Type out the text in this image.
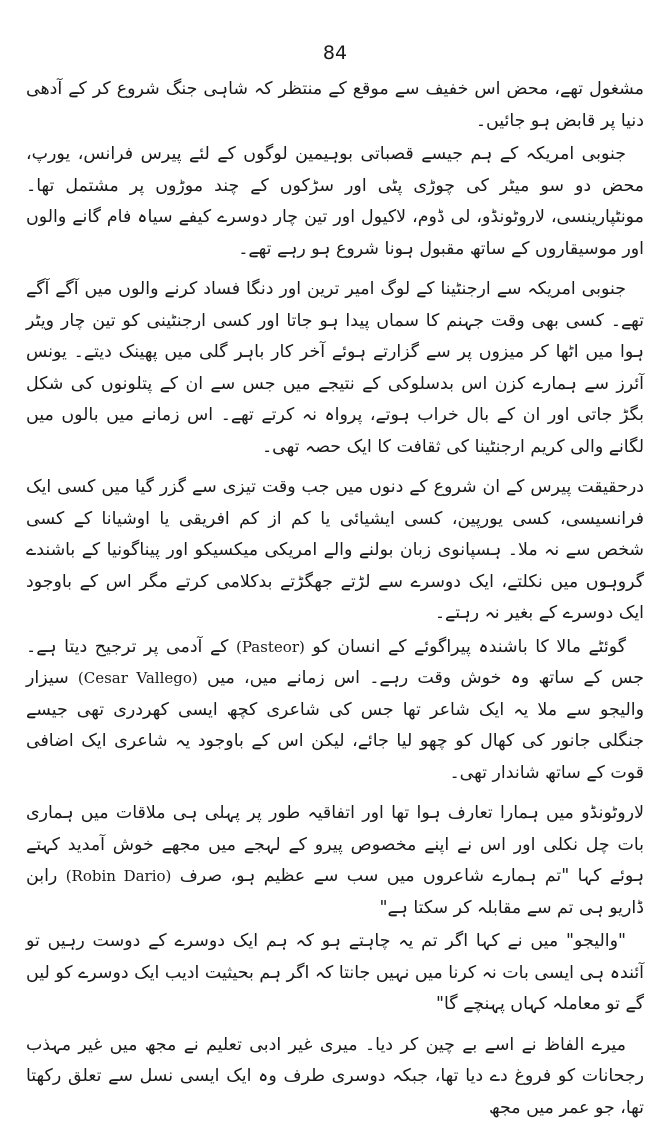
84

مشغول تھے، محض اس خفیف سے موقع کے منتظر کہ شاہی جنگ شروع کر کے آدھی دنیا پر قابض ہو جائیں۔

جنوبی امریکہ کے ہم جیسے قصباتی بوہیمین لوگوں کے لئے پیرس فرانس، یورپ، محض دو سو میٹر کی چوڑی پٹی اور سڑکوں کے چند موڑوں پر مشتمل تھا۔ مونٹپارینسی، لاروٹونڈو، لی ڈوم، لاکیول اور تین چار دوسرے کیفے سیاہ فام گانے والوں اور موسیقاروں کے ساتھ مقبول ہونا شروع ہو رہے تھے۔

جنوبی امریکہ سے ارجنٹینا کے لوگ امیر ترین اور دنگا فساد کرنے والوں میں آگے آگے تھے۔ کسی بھی وقت جہنم کا سماں پیدا ہو جاتا اور کسی ارجنٹینی کو تین چار ویٹر ہوا میں اٹھا کر میزوں پر سے گزارتے ہوئے آخر کار باہر گلی میں پھینک دیتے۔ یونس آئرز سے ہمارے کزن اس بدسلوکی کے نتیجے میں جس سے ان کے پتلونوں کی شکل بگڑ جاتی اور ان کے بال خراب ہوتے، پرواہ نہ کرتے تھے۔ اس زمانے میں بالوں میں لگانے والی کریم ارجنٹینا کی ثقافت کا ایک حصہ تھی۔

درحقیقت پیرس کے ان شروع کے دنوں میں جب وقت تیزی سے گزر گیا میں کسی ایک فرانسیسی، کسی یورپین، کسی ایشیائی یا کم از کم افریقی یا اوشیانا کے کسی شخص سے نہ ملا۔ ہسپانوی زبان بولنے والے امریکی میکسیکو اور پیناگونیا کے باشندے گروہوں میں نکلتے، ایک دوسرے سے لڑتے جھگڑتے بدکلامی کرتے مگر اس کے باوجود ایک دوسرے کے بغیر نہ رہتے۔

گوئٹے مالا کا باشندہ پیراگوئے کے انسان کو (Pasteor) کے آدمی پر ترجیح دیتا ہے۔ جس کے ساتھ وہ خوش وقت رہے۔ اس زمانے میں، میں (Cesar Vallego) سیزار والیجو سے ملا یہ ایک شاعر تھا جس کی شاعری کچھ ایسی کھردری تھی جیسے جنگلی جانور کی کھال کو چھو لیا جائے، لیکن اس کے باوجود یہ شاعری ایک اضافی قوت کے ساتھ شاندار تھی۔

لاروٹونڈو میں ہمارا تعارف ہوا تھا اور اتفاقیہ طور پر پہلی ہی ملاقات میں ہماری بات چل نکلی اور اس نے اپنے مخصوص پیرو کے لہجے میں مجھے خوش آمدید کہتے ہوئے کہا "تم ہمارے شاعروں میں سب سے عظیم ہو، صرف (Robin Dario) رابن ڈاریو ہی تم سے مقابلہ کر سکتا ہے"

"والیجو" میں نے کہا اگر تم یہ چاہتے ہو کہ ہم ایک دوسرے کے دوست رہیں تو آئندہ ہی ایسی بات نہ کرنا میں نہیں جانتا کہ اگر ہم بحیثیت ادیب ایک دوسرے کو لیں گے تو معاملہ کہاں پہنچے گا"

میرے الفاظ نے اسے بے چین کر دیا۔ میری غیر ادبی تعلیم نے مجھ میں غیر مہذب رجحانات کو فروغ دے دیا تھا، جبکہ دوسری طرف وہ ایک ایسی نسل سے تعلق رکھتا تھا، جو عمر میں مجھ
